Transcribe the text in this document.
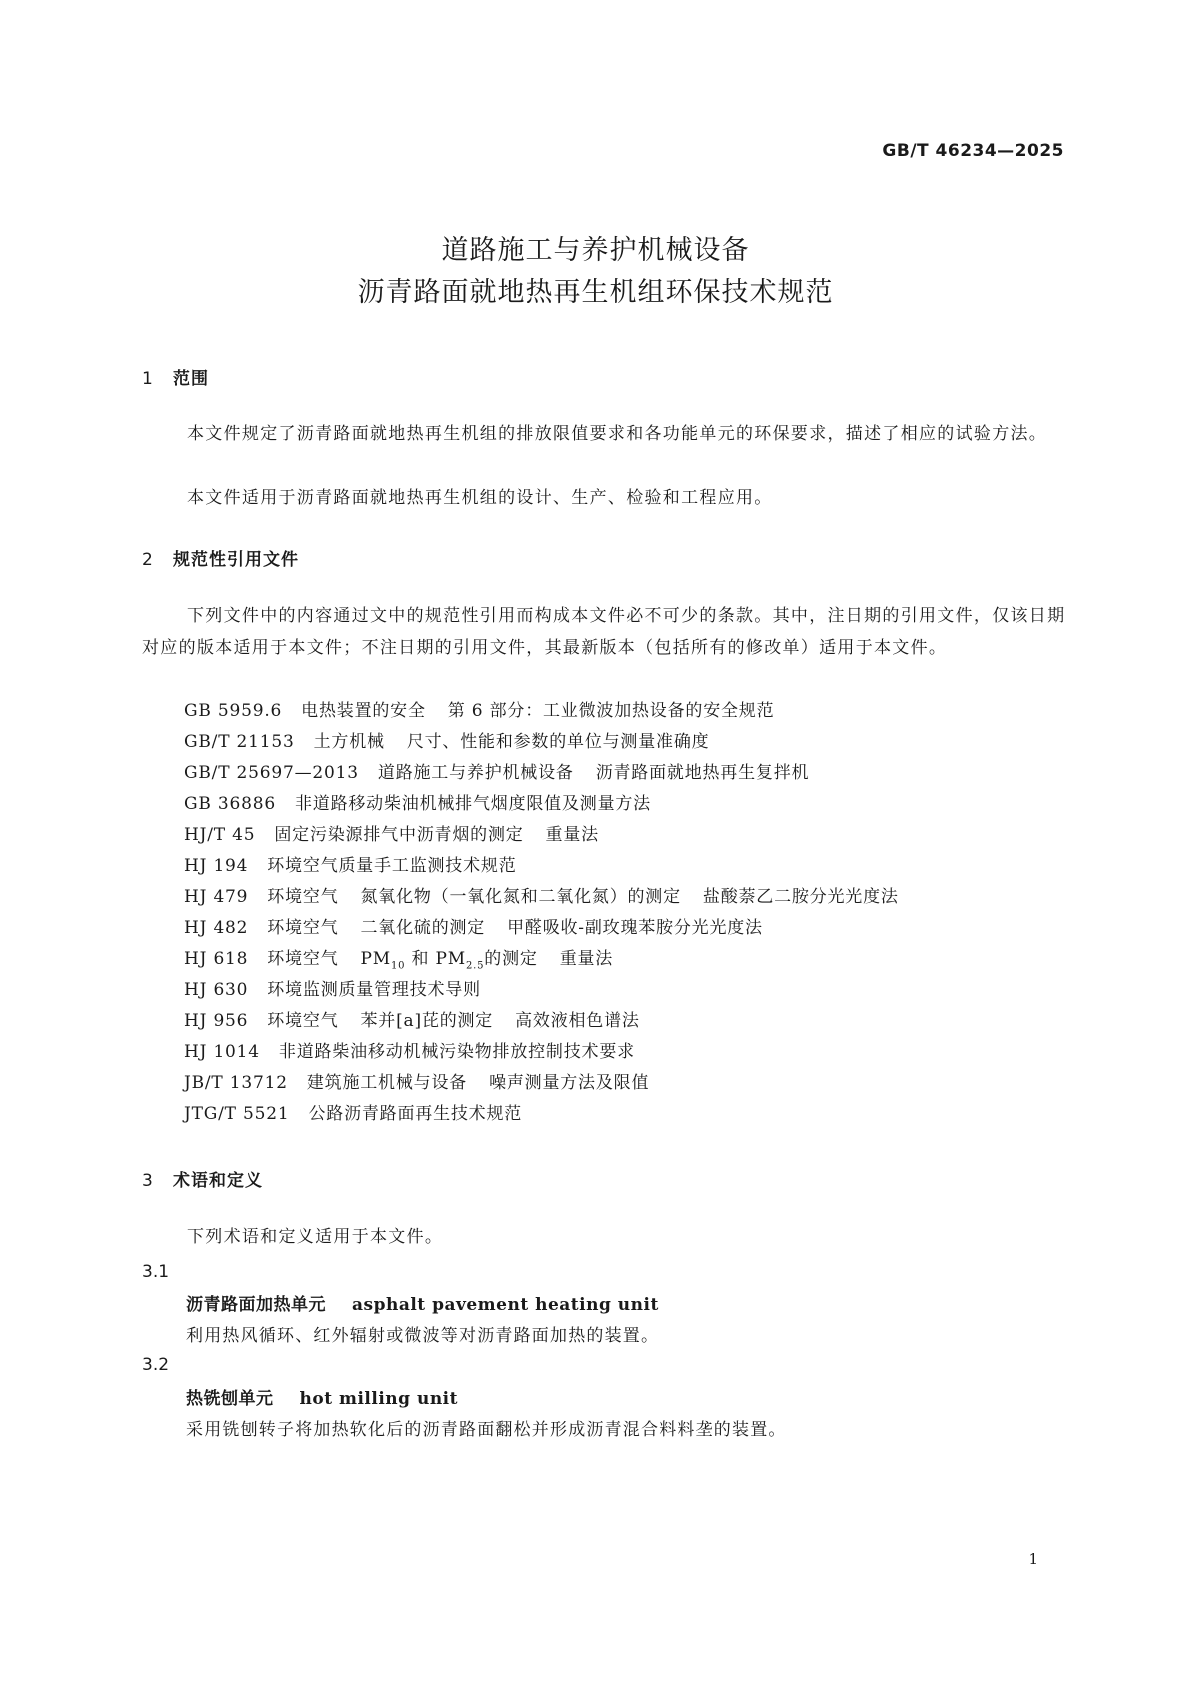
GB/T 46234—2025
道路施工与养护机械设备
沥青路面就地热再生机组环保技术规范
1 范围
本文件规定了沥青路面就地热再生机组的排放限值要求和各功能单元的环保要求，描述了相应的试验方法。
本文件适用于沥青路面就地热再生机组的设计、生产、检验和工程应用。
2 规范性引用文件
下列文件中的内容通过文中的规范性引用而构成本文件必不可少的条款。其中，注日期的引用文件，仅该日期对应的版本适用于本文件；不注日期的引用文件，其最新版本（包括所有的修改单）适用于本文件。
GB 5959.6 电热装置的安全 第 6 部分：工业微波加热设备的安全规范
GB/T 21153 土方机械 尺寸、性能和参数的单位与测量准确度
GB/T 25697—2013 道路施工与养护机械设备 沥青路面就地热再生复拌机
GB 36886 非道路移动柴油机械排气烟度限值及测量方法
HJ/T 45 固定污染源排气中沥青烟的测定 重量法
HJ 194 环境空气质量手工监测技术规范
HJ 479 环境空气 氮氧化物（一氧化氮和二氧化氮）的测定 盐酸萘乙二胺分光光度法
HJ 482 环境空气 二氧化硫的测定 甲醛吸收-副玫瑰苯胺分光光度法
HJ 618 环境空气 $PM_{10}$ 和 $PM_{2.5}$的测定 重量法
HJ 630 环境监测质量管理技术导则
HJ 956 环境空气 苯并[a]芘的测定 高效液相色谱法
HJ 1014 非道路柴油移动机械污染物排放控制技术要求
JB/T 13712 建筑施工机械与设备 噪声测量方法及限值
JTG/T 5521 公路沥青路面再生技术规范
3 术语和定义
下列术语和定义适用于本文件。
3.1
沥青路面加热单元 asphalt pavement heating unit
利用热风循环、红外辐射或微波等对沥青路面加热的装置。
3.2
热铣刨单元 hot milling unit
采用铣刨转子将加热软化后的沥青路面翻松并形成沥青混合料料垄的装置。
1
